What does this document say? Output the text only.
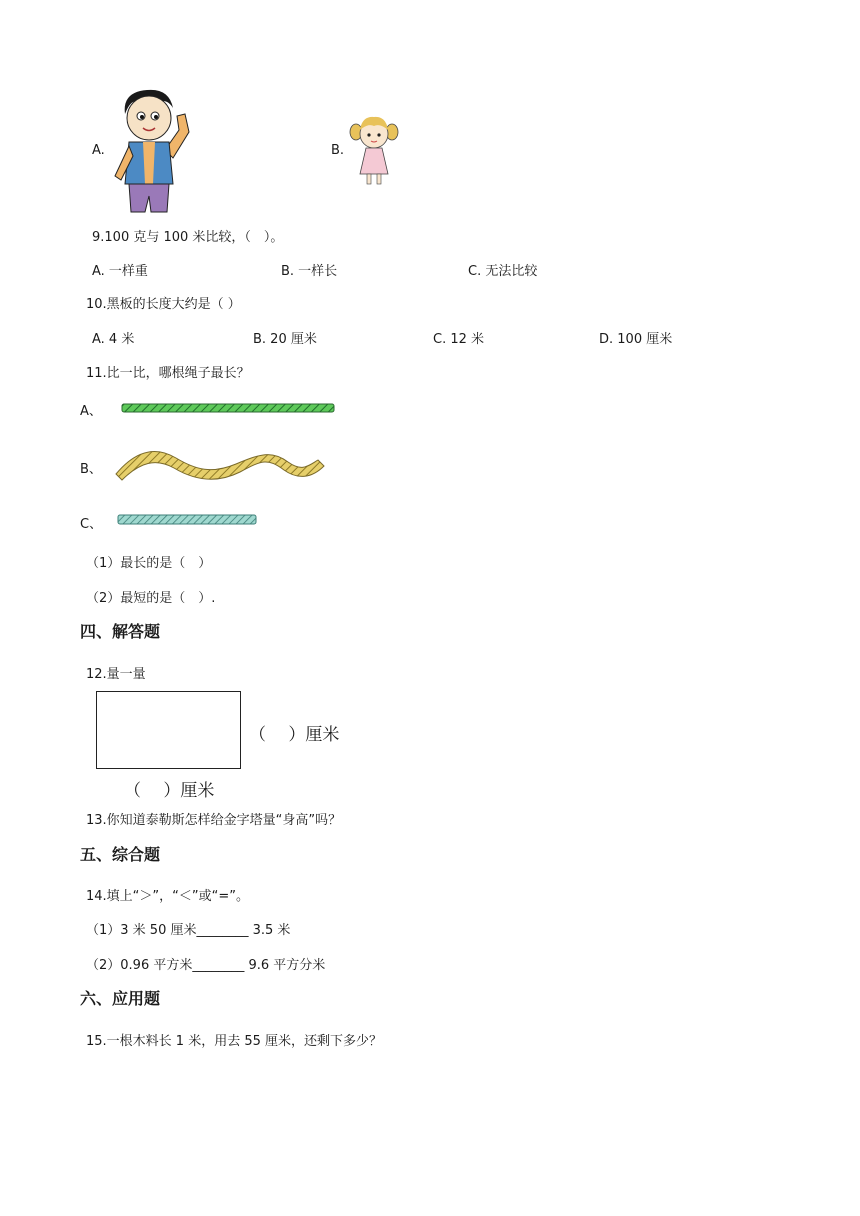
A.	B.
9.100 克与 100 米比较，（　）。
A. 一样重	B. 一样长	C. 无法比较
10.黑板的长度大约是（ ）
A. 4 米	B. 20 厘米	C. 12 米	D. 100 厘米
11.比一比，哪根绳子最长？
A、
B、
C、
（1）最长的是（　）
（2）最短的是（　）.
四、解答题
12.量一量
（　 ）厘米
（　 ）厘米
13.你知道泰勒斯怎样给金字塔量“身高”吗？
五、综合题
14.填上“＞”，“＜”或“=”。
（1）3 米 50 厘米________ 3.5 米
（2）0.96 平方米________ 9.6 平方分米
六、应用题
15.一根木料长 1 米，用去 55 厘米，还剩下多少？
